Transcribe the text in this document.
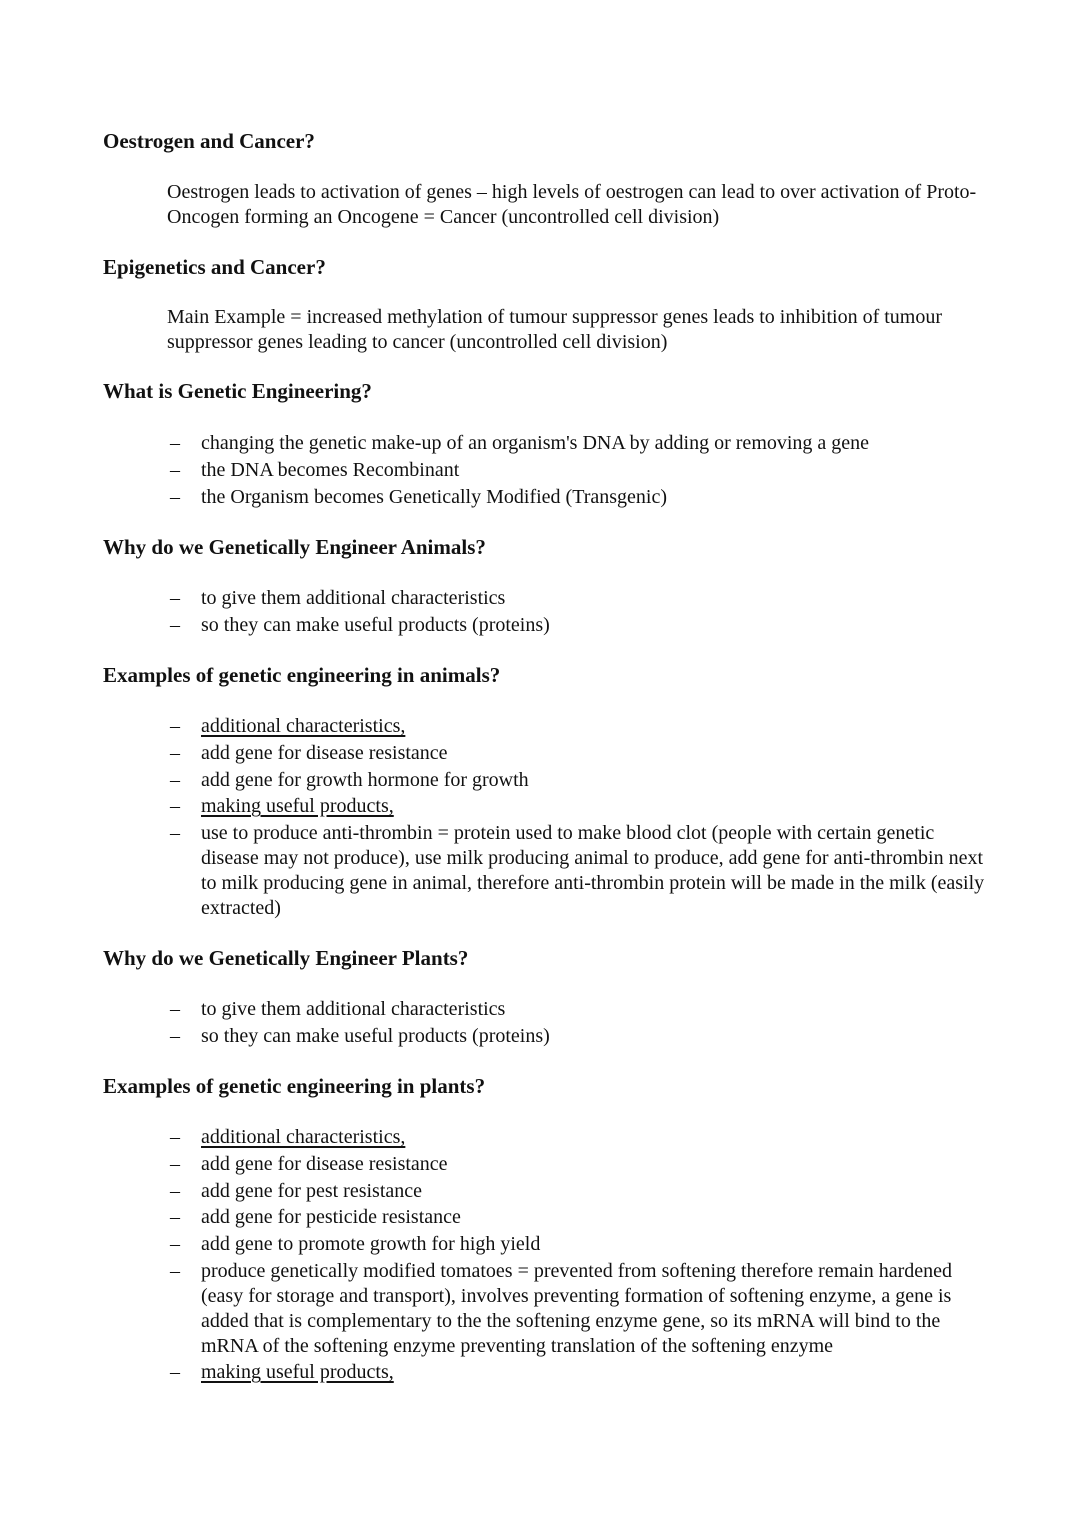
Oestrogen and Cancer?
Oestrogen leads to activation of genes – high levels of oestrogen can lead to over activation of Proto-Oncogen forming an Oncogene = Cancer (uncontrolled cell division)
Epigenetics and Cancer?
Main Example = increased methylation of tumour suppressor genes leads to inhibition of tumour suppressor genes leading to cancer (uncontrolled cell division)
What is Genetic Engineering?
– changing the genetic make-up of an organism's DNA by adding or removing a gene
– the DNA becomes Recombinant
– the Organism becomes Genetically Modified (Transgenic)
Why do we Genetically Engineer Animals?
– to give them additional characteristics
– so they can make useful products (proteins)
Examples of genetic engineering in animals?
– additional characteristics,
– add gene for disease resistance
– add gene for growth hormone for growth
– making useful products,
– use to produce anti-thrombin = protein used to make blood clot (people with certain genetic disease may not produce), use milk producing animal to produce, add gene for anti-thrombin next to milk producing gene in animal, therefore anti-thrombin protein will be made in the milk (easily extracted)
Why do we Genetically Engineer Plants?
– to give them additional characteristics
– so they can make useful products (proteins)
Examples of genetic engineering in plants?
– additional characteristics,
– add gene for disease resistance
– add gene for pest resistance
– add gene for pesticide resistance
– add gene to promote growth for high yield
– produce genetically modified tomatoes = prevented from softening therefore remain hardened (easy for storage and transport), involves preventing formation of softening enzyme, a gene is added that is complementary to the the softening enzyme gene, so its mRNA will bind to the mRNA of the softening enzyme preventing translation of the softening enzyme
– making useful products,
